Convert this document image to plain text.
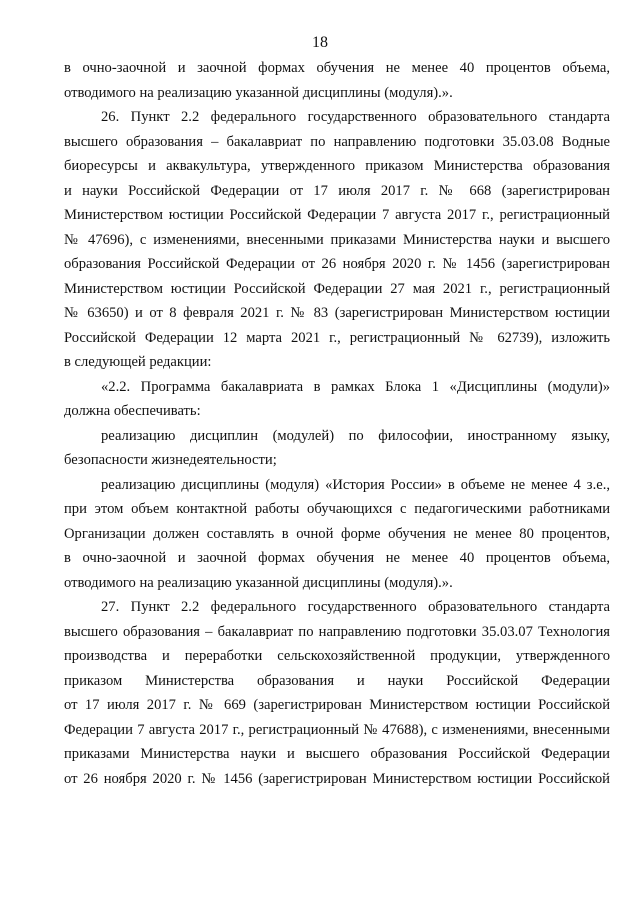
18
в очно-заочной и заочной формах обучения не менее 40 процентов объема,
отводимого на реализацию указанной дисциплины (модуля).».
26. Пункт 2.2 федерального государственного образовательного стандарта
высшего образования – бакалавриат по направлению подготовки 35.03.08 Водные
биоресурсы и аквакультура, утвержденного приказом Министерства образования
и науки Российской Федерации от 17 июля 2017 г. № 668 (зарегистрирован
Министерством юстиции Российской Федерации 7 августа 2017 г., регистрационный
№ 47696), с изменениями, внесенными приказами Министерства науки и высшего
образования Российской Федерации от 26 ноября 2020 г. № 1456 (зарегистрирован
Министерством юстиции Российской Федерации 27 мая 2021 г., регистрационный
№ 63650) и от 8 февраля 2021 г. № 83 (зарегистрирован Министерством юстиции
Российской Федерации 12 марта 2021 г., регистрационный № 62739), изложить
в следующей редакции:
«2.2. Программа бакалавриата в рамках Блока 1 «Дисциплины (модули)»
должна обеспечивать:
реализацию дисциплин (модулей) по философии, иностранному языку,
безопасности жизнедеятельности;
реализацию дисциплины (модуля) «История России» в объеме не менее 4 з.е.,
при этом объем контактной работы обучающихся с педагогическими работниками
Организации должен составлять в очной форме обучения не менее 80 процентов,
в очно-заочной и заочной формах обучения не менее 40 процентов объема,
отводимого на реализацию указанной дисциплины (модуля).».
27. Пункт 2.2 федерального государственного образовательного стандарта
высшего образования – бакалавриат по направлению подготовки 35.03.07 Технология
производства и переработки сельскохозяйственной продукции, утвержденного
приказом Министерства образования и науки Российской Федерации
от 17 июля 2017 г. № 669 (зарегистрирован Министерством юстиции Российской
Федерации 7 августа 2017 г., регистрационный № 47688), с изменениями, внесенными
приказами Министерства науки и высшего образования Российской Федерации
от 26 ноября 2020 г. № 1456 (зарегистрирован Министерством юстиции Российской
